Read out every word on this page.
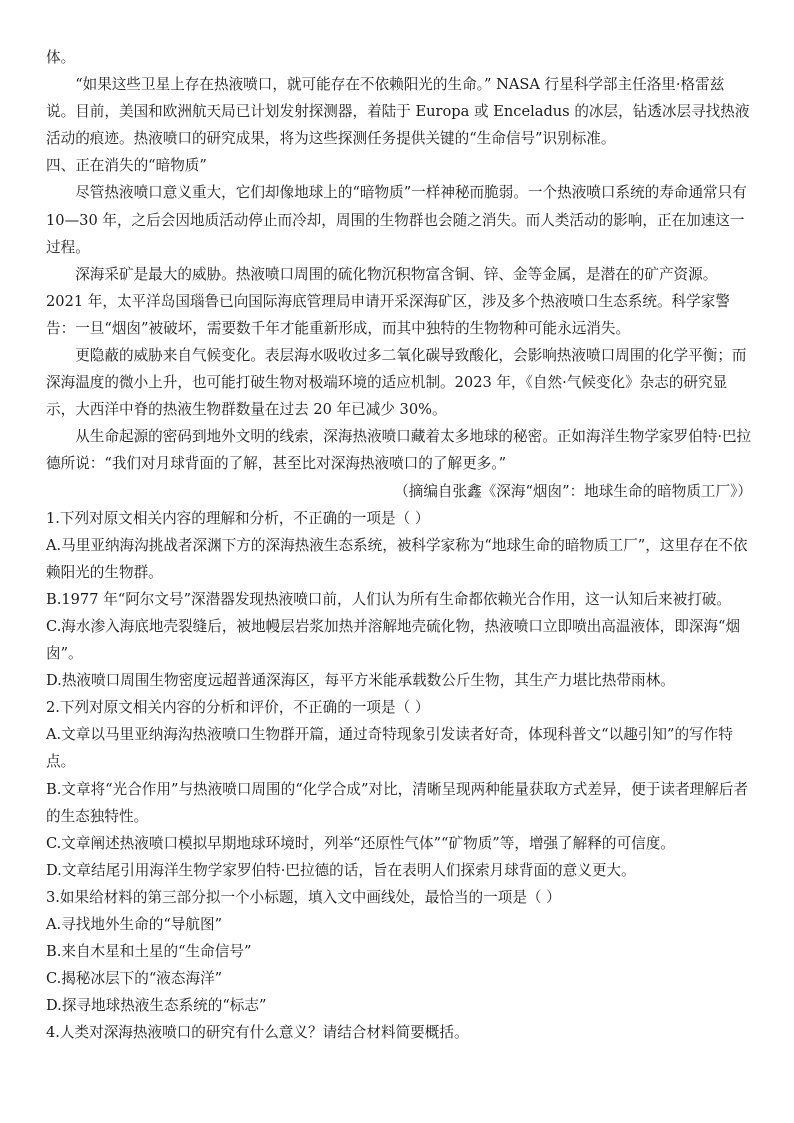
体。

“如果这些卫星上存在热液喷口，就可能存在不依赖阳光的生命。” NASA 行星科学部主任洛里·格雷兹说。目前，美国和欧洲航天局已计划发射探测器，着陆于 Europa 或 Enceladus 的冰层，钻透冰层寻找热液活动的痕迹。热液喷口的研究成果，将为这些探测任务提供关键的“生命信号”识别标准。

四、正在消失的“暗物质”

尽管热液喷口意义重大，它们却像地球上的“暗物质”一样神秘而脆弱。一个热液喷口系统的寿命通常只有 10—30 年，之后会因地质活动停止而冷却，周围的生物群也会随之消失。而人类活动的影响，正在加速这一过程。

深海采矿是最大的威胁。热液喷口周围的硫化物沉积物富含铜、锌、金等金属，是潜在的矿产资源。2021 年，太平洋岛国瑙鲁已向国际海底管理局申请开采深海矿区，涉及多个热液喷口生态系统。科学家警告：一旦“烟囱”被破坏，需要数千年才能重新形成，而其中独特的生物物种可能永远消失。

更隐蔽的威胁来自气候变化。表层海水吸收过多二氧化碳导致酸化，会影响热液喷口周围的化学平衡；而深海温度的微小上升，也可能打破生物对极端环境的适应机制。2023 年，《自然·气候变化》杂志的研究显示，大西洋中脊的热液生物群数量在过去 20 年已减少 30%。

从生命起源的密码到地外文明的线索，深海热液喷口藏着太多地球的秘密。正如海洋生物学家罗伯特·巴拉德所说：“我们对月球背面的了解，甚至比对深海热液喷口的了解更多。”

（摘编自张鑫《深海“烟囱”：地球生命的暗物质工厂》）

1.下列对原文相关内容的理解和分析，不正确的一项是（ ）

A.马里亚纳海沟挑战者深渊下方的深海热液生态系统，被科学家称为“地球生命的暗物质工厂”，这里存在不依赖阳光的生物群。

B.1977 年“阿尔文号”深潜器发现热液喷口前，人们认为所有生命都依赖光合作用，这一认知后来被打破。

C.海水渗入海底地壳裂缝后，被地幔层岩浆加热并溶解地壳硫化物，热液喷口立即喷出高温液体，即深海“烟囱”。

D.热液喷口周围生物密度远超普通深海区，每平方米能承载数公斤生物，其生产力堪比热带雨林。

2.下列对原文相关内容的分析和评价，不正确的一项是（ ）

A.文章以马里亚纳海沟热液喷口生物群开篇，通过奇特现象引发读者好奇，体现科普文“以趣引知”的写作特点。

B.文章将“光合作用”与热液喷口周围的“化学合成”对比，清晰呈现两种能量获取方式差异，便于读者理解后者的生态独特性。

C.文章阐述热液喷口模拟早期地球环境时，列举“还原性气体”“矿物质”等，增强了解释的可信度。

D.文章结尾引用海洋生物学家罗伯特·巴拉德的话，旨在表明人们探索月球背面的意义更大。

3.如果给材料的第三部分拟一个小标题，填入文中画线处，最恰当的一项是（ ）

A.寻找地外生命的“导航图”

B.来自木星和土星的“生命信号”

C.揭秘冰层下的“液态海洋”

D.探寻地球热液生态系统的“标志”

4.人类对深海热液喷口的研究有什么意义？请结合材料简要概括。
